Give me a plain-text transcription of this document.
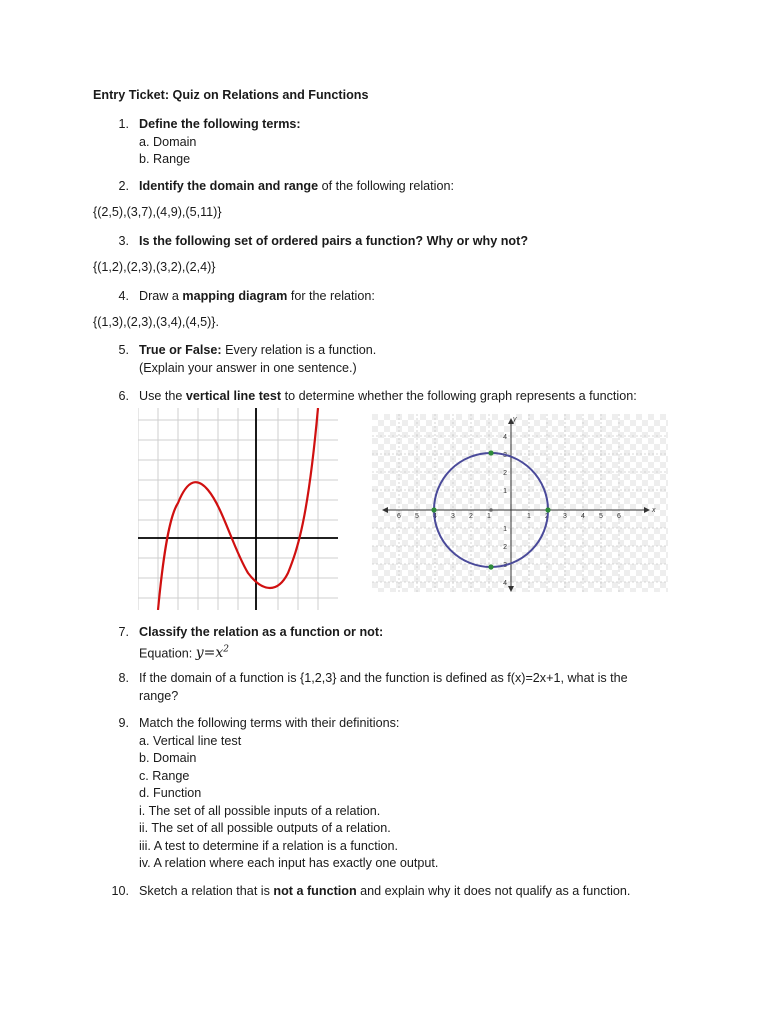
Entry Ticket: Quiz on Relations and Functions
1. Define the following terms:
a. Domain
b. Range
2. Identify the domain and range of the following relation:
{(2,5),(3,7),(4,9),(5,11)}
3. Is the following set of ordered pairs a function? Why or why not?
{(1,2),(2,3),(3,2),(2,4)}
4. Draw a mapping diagram for the relation:
{(1,3),(2,3),(3,4),(4,5)}.
5. True or False: Every relation is a function.
(Explain your answer in one sentence.)
6. Use the vertical line test to determine whether the following graph represents a function:
6 5 4 3 2 1	1 2 3 4 5 6
4
3
2
1
1
2
3
4
x
y
7. Classify the relation as a function or not:
Equation: $y=x^2$
8. If the domain of a function is {1,2,3} and the function is defined as f(x)=2x+1, what is the
range?
9. Match the following terms with their definitions:
a. Vertical line test
b. Domain
c. Range
d. Function
i. The set of all possible inputs of a relation.
ii. The set of all possible outputs of a relation.
iii. A test to determine if a relation is a function.
iv. A relation where each input has exactly one output.
10. Sketch a relation that is not a function and explain why it does not qualify as a function.
